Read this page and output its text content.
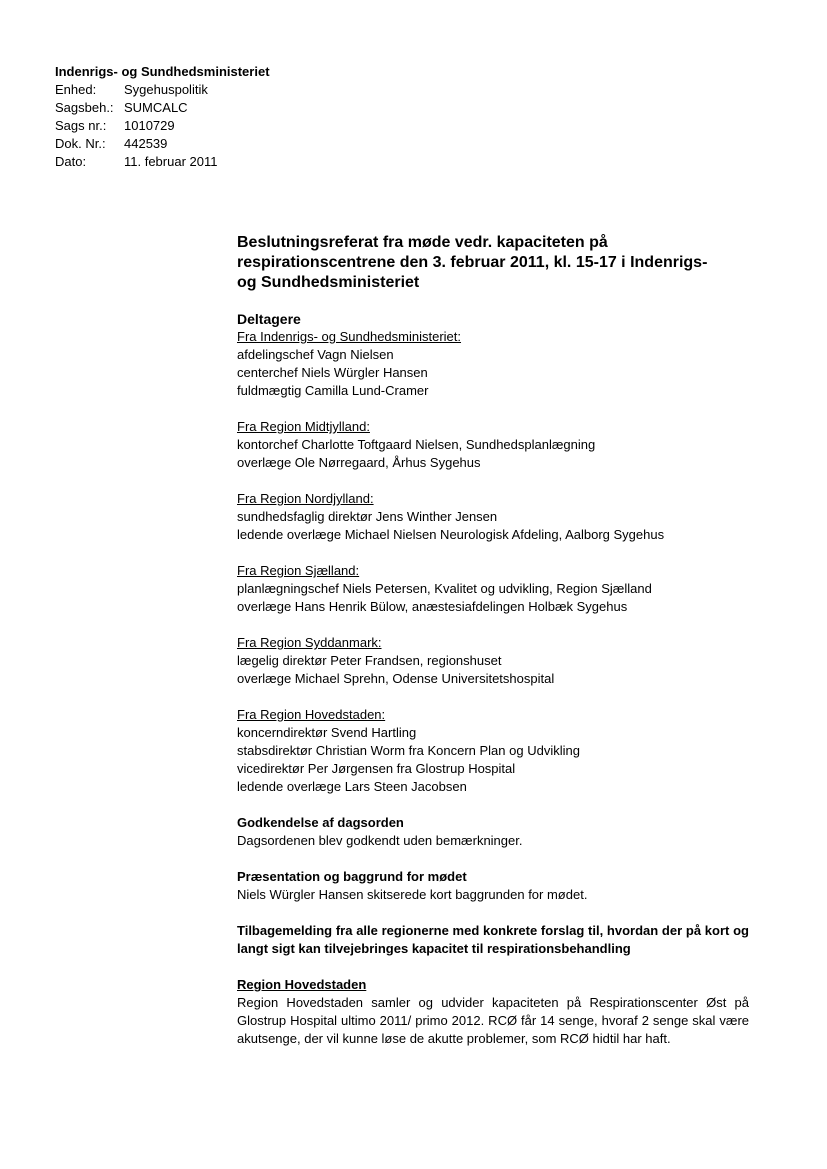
Indenrigs- og Sundhedsministeriet
Enhed:	Sygehuspolitik
Sagsbeh.: SUMCALC
Sags nr.:	1010729
Dok. Nr.:	442539
Dato:	11. februar 2011
Beslutningsreferat fra møde vedr. kapaciteten på
respirationscentrene den 3. februar 2011, kl. 15-17 i Indenrigs-
og Sundhedsministeriet
Deltagere
Fra Indenrigs- og Sundhedsministeriet:
afdelingschef Vagn Nielsen
centerchef Niels Würgler Hansen
fuldmægtig Camilla Lund-Cramer
Fra Region Midtjylland:
kontorchef Charlotte Toftgaard Nielsen, Sundhedsplanlægning
overlæge Ole Nørregaard, Århus Sygehus
Fra Region Nordjylland:
sundhedsfaglig direktør Jens Winther Jensen
ledende overlæge Michael Nielsen Neurologisk Afdeling, Aalborg Sygehus
Fra Region Sjælland:
planlægningschef Niels Petersen, Kvalitet og udvikling, Region Sjælland
overlæge Hans Henrik Bülow, anæstesiafdelingen Holbæk Sygehus
Fra Region Syddanmark:
lægelig direktør Peter Frandsen, regionshuset
overlæge Michael Sprehn, Odense Universitetshospital
Fra Region Hovedstaden:
koncerndirektør Svend Hartling
stabsdirektør Christian Worm fra Koncern Plan og Udvikling
vicedirektør Per Jørgensen fra Glostrup Hospital
ledende overlæge Lars Steen Jacobsen
Godkendelse af dagsorden
Dagsordenen blev godkendt uden bemærkninger.
Præsentation og baggrund for mødet
Niels Würgler Hansen skitserede kort baggrunden for mødet.
Tilbagemelding fra alle regionerne med konkrete forslag til, hvordan der på kort og langt sigt kan tilvejebringes kapacitet til respirationsbehandling
Region Hovedstaden
Region Hovedstaden samler og udvider kapaciteten på Respirationscenter Øst på Glostrup Hospital ultimo 2011/ primo 2012. RCØ får 14 senge, hvoraf 2 senge skal være akutsenge, der vil kunne løse de akutte problemer, som RCØ hidtil har haft.
